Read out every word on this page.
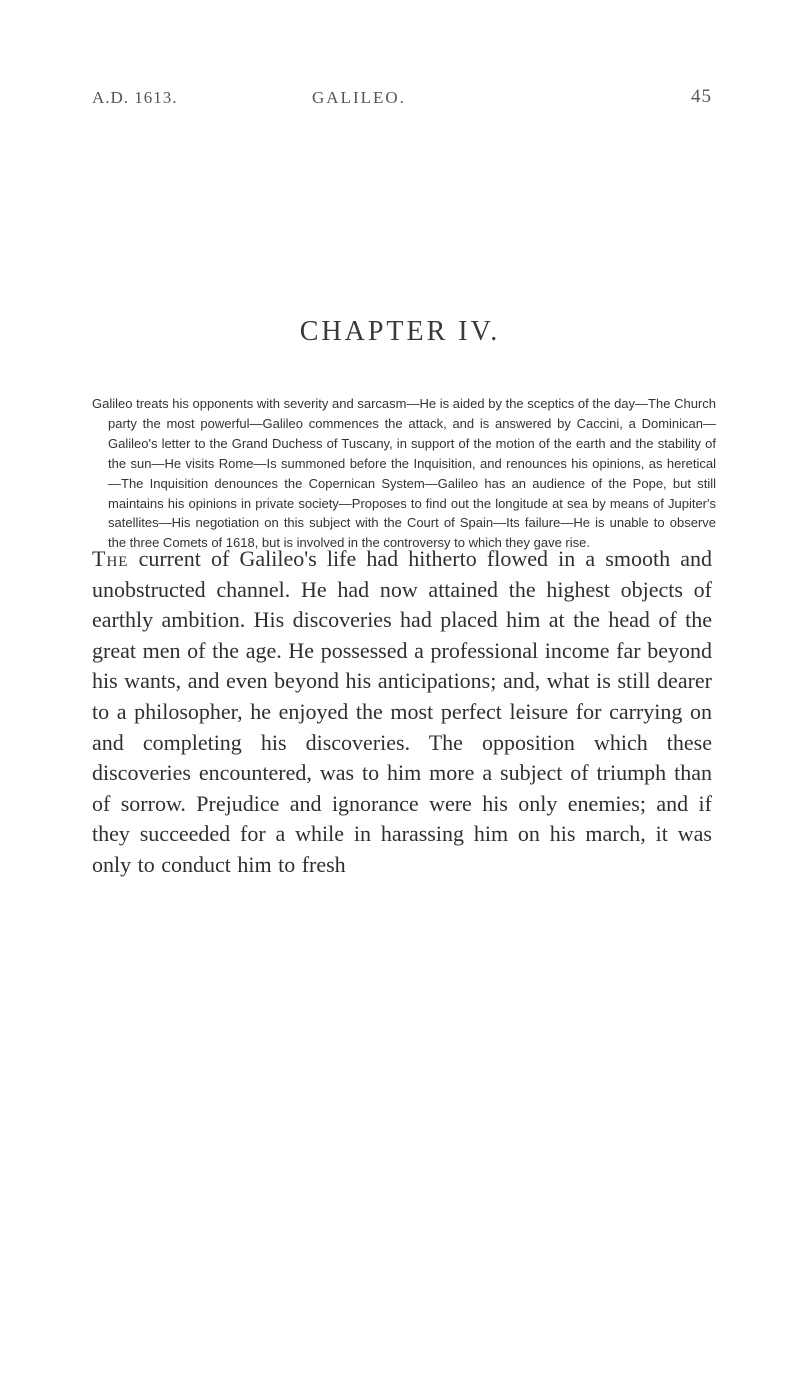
A.D. 1613.	GALILEO.	45
CHAPTER IV.
Galileo treats his opponents with severity and sarcasm—He is aided by the sceptics of the day—The Church party the most powerful—Galileo commences the attack, and is answered by Caccini, a Dominican—Galileo's letter to the Grand Duchess of Tuscany, in support of the motion of the earth and the stability of the sun—He visits Rome—Is summoned before the Inquisition, and renounces his opinions, as heretical—The Inquisition denounces the Copernican System—Galileo has an audience of the Pope, but still maintains his opinions in private society—Proposes to find out the longitude at sea by means of Jupiter's satellites—His negotiation on this subject with the Court of Spain—Its failure—He is unable to observe the three Comets of 1618, but is involved in the controversy to which they gave rise.
The current of Galileo's life had hitherto flowed in a smooth and unobstructed channel. He had now attained the highest objects of earthly ambition. His discoveries had placed him at the head of the great men of the age. He possessed a professional income far beyond his wants, and even beyond his anticipations; and, what is still dearer to a philosopher, he enjoyed the most perfect leisure for carrying on and completing his discoveries. The opposition which these discoveries encountered, was to him more a subject of triumph than of sorrow. Prejudice and ignorance were his only enemies; and if they succeeded for a while in harassing him on his march, it was only to conduct him to fresh
